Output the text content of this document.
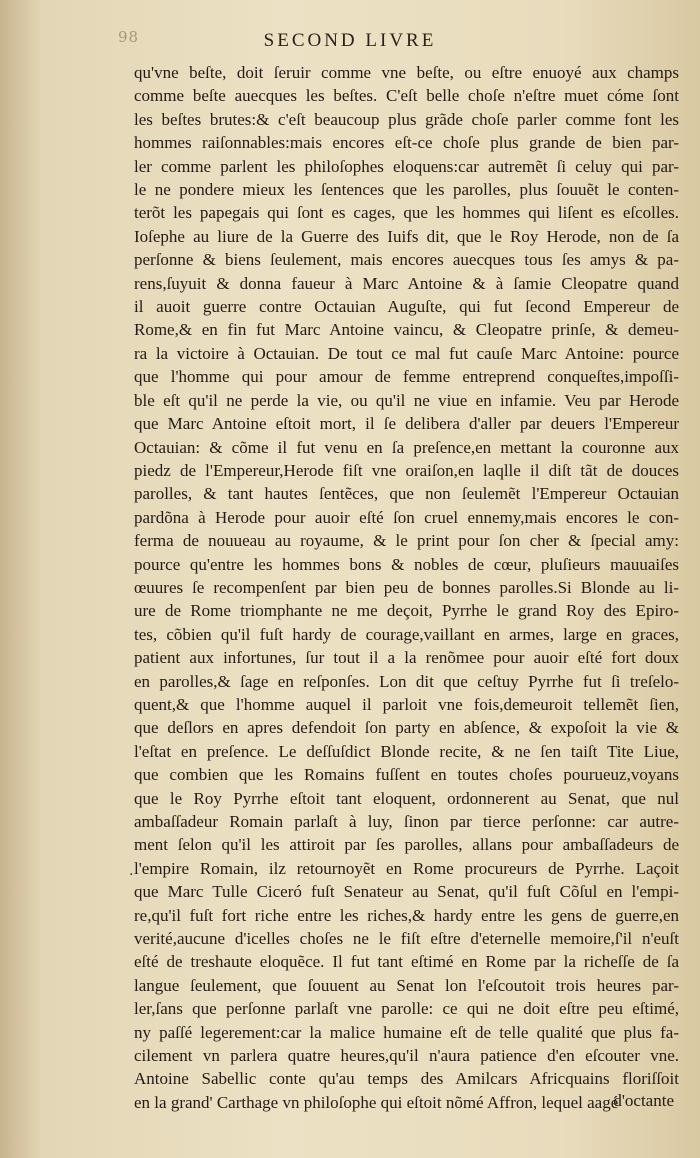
98	SECOND LIVRE
qu'vne beſte, doit ſeruir comme vne beſte, ou eſtre enuoyé aux champs
comme beſte auecques les beſtes. C'eſt belle choſe n'eſtre muet cóme ſont
les beſtes brutes:& c'eſt beaucoup plus grãde choſe parler comme font les
hommes raiſonnables:mais encores eſt-ce choſe plus grande de bien par-
ler comme parlent les philoſophes eloquens:car autremẽt ſi celuy qui par-
le ne pondere mieux les ſentences que les parolles, plus ſouuẽt le conten-
terõt les papegais qui ſont es cages, que les hommes qui liſent es eſcolles.
Ioſephe au liure de la Guerre des Iuifs dit, que le Roy Herode, non de ſa
perſonne & biens ſeulement, mais encores auecques tous ſes amys & pa-
rens,ſuyuit & donna faueur à Marc Antoine & à ſamie Cleopatre quand
il auoit guerre contre Octauian Auguſte, qui fut ſecond Empereur de
Rome,& en fin fut Marc Antoine vaincu, & Cleopatre prinſe, & demeu-
ra la victoire à Octauian. De tout ce mal fut cauſe Marc Antoine: pource
que l'homme qui pour amour de femme entreprend conqueſtes,impoſſi-
ble eſt qu'il ne perde la vie, ou qu'il ne viue en infamie. Veu par Herode
que Marc Antoine eſtoit mort, il ſe delibera d'aller par deuers l'Empereur
Octauian: & cõme il fut venu en ſa preſence,en mettant la couronne aux
piedz de l'Empereur,Herode fiſt vne oraiſon,en laqlle il diſt tãt de douces
parolles, & tant hautes ſentẽces, que non ſeulemẽt l'Empereur Octauian
pardõna à Herode pour auoir eſté ſon cruel ennemy,mais encores le con-
ferma de nouueau au royaume, & le print pour ſon cher & ſpecial amy:
pource qu'entre les hommes bons & nobles de cœur, pluſieurs mauuaiſes
œuures ſe recompenſent par bien peu de bonnes parolles.Si Blonde au li-
ure de Rome triomphante ne me deçoit, Pyrrhe le grand Roy des Epiro-
tes, cõbien qu'il fuſt hardy de courage,vaillant en armes, large en graces,
patient aux infortunes, ſur tout il a la renõmee pour auoir eſté fort doux
en parolles,& ſage en reſponſes. Lon dit que ceſtuy Pyrrhe fut ſi treſelo-
quent,& que l'homme auquel il parloit vne fois,demeuroit tellemẽt ſien,
que deſlors en apres defendoit ſon party en abſence, & expoſoit la vie &
l'eſtat en preſence. Le deſſuſdict Blonde recite, & ne ſen taiſt Tite Liue,
que combien que les Romains fuſſent en toutes choſes pourueuz,voyans
que le Roy Pyrrhe eſtoit tant eloquent, ordonnerent au Senat, que nul
ambaſſadeur Romain parlaſt à luy, ſinon par tierce perſonne: car autre-
ment ſelon qu'il les attiroit par ſes parolles, allans pour ambaſſadeurs de
l'empire Romain, ilz retournoyẽt en Rome procureurs de Pyrrhe. Laçoit
que Marc Tulle Ciceró fuſt Senateur au Senat, qu'il fuſt Cõſul en l'empi-
re,qu'il fuſt fort riche entre les riches,& hardy entre les gens de guerre,en
verité,aucune d'icelles choſes ne le fiſt eſtre d'eternelle memoire,ſ'il n'euſt
eſté de treshaute eloquẽce. Il fut tant eſtimé en Rome par la richeſſe de ſa
langue ſeulement, que ſouuent au Senat lon l'eſcoutoit trois heures par-
ler,ſans que perſonne parlaſt vne parolle: ce qui ne doit eſtre peu eſtimé,
ny paſſé legerement:car la malice humaine eſt de telle qualité que plus fa-
cilement vn parlera quatre heures,qu'il n'aura patience d'en eſcouter vne.
Antoine Sabellic conte qu'au temps des Amilcars Africquains floriſſoit
en la grand' Carthage vn philoſophe qui eſtoit nõmé Affron, lequel aagé
.
d'octante
